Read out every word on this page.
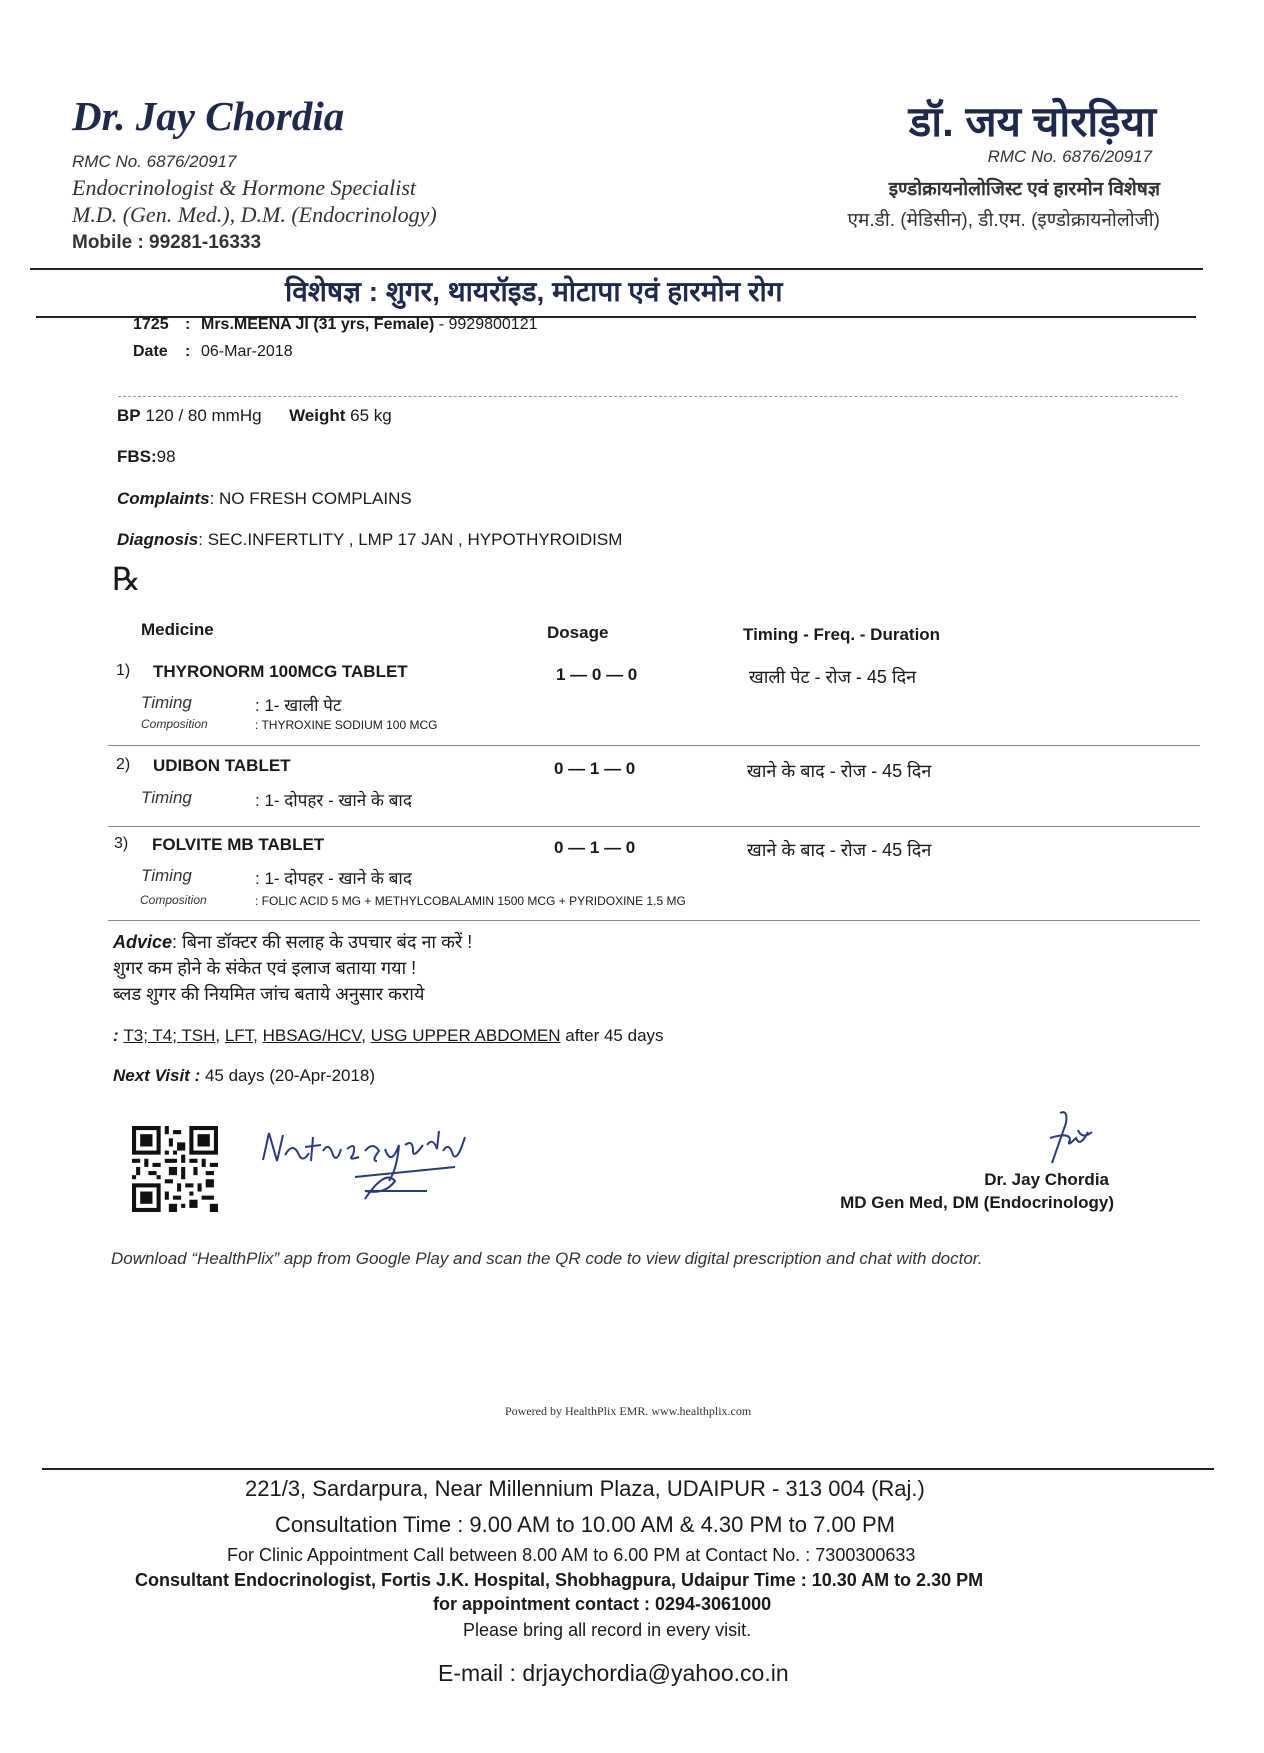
Dr. Jay Chordia
RMC No. 6876/20917
Endocrinologist & Hormone Specialist
M.D. (Gen. Med.), D.M. (Endocrinology)
Mobile : 99281-16333
डॉ. जय चोरड़िया
RMC No. 6876/20917
इण्डोक्रायनोलोजिस्ट एवं हारमोन विशेषज्ञ
एम.डी. (मेडिसीन), डी.एम. (इण्डोक्रायनोलोजी)
विशेषज्ञ : शुगर, थायरॉइड, मोटापा एवं हारमोन रोग
1725 : Mrs.MEENA JI (31 yrs, Female) - 9929800121
Date : 06-Mar-2018
BP 120 / 80 mmHg Weight 65 kg
FBS:98
Complaints: NO FRESH COMPLAINS
Diagnosis: SEC.INFERTLITY , LMP 17 JAN , HYPOTHYROIDISM
℞
Medicine	Dosage	Timing - Freq. - Duration
1) THYRONORM 100MCG TABLET	1 — 0 — 0	खाली पेट - रोज - 45 दिन
Timing	: 1- खाली पेट
Composition	: THYROXINE SODIUM 100 MCG
2) UDIBON TABLET	0 — 1 — 0	खाने के बाद - रोज - 45 दिन
Timing	: 1- दोपहर - खाने के बाद
3) FOLVITE MB TABLET	0 — 1 — 0	खाने के बाद - रोज - 45 दिन
Timing	: 1- दोपहर - खाने के बाद
Composition	: FOLIC ACID 5 MG + METHYLCOBALAMIN 1500 MCG + PYRIDOXINE 1.5 MG
Advice: बिना डॉक्टर की सलाह के उपचार बंद ना करें !
शुगर कम होने के संकेत एवं इलाज बताया गया !
ब्लड शुगर की नियमित जांच बताये अनुसार कराये
: T3; T4; TSH, LFT, HBSAG/HCV, USG UPPER ABDOMEN after 45 days
Next Visit : 45 days (20-Apr-2018)
Dr. Jay Chordia
MD Gen Med, DM (Endocrinology)
Download “HealthPlix” app from Google Play and scan the QR code to view digital prescription and chat with doctor.
Powered by HealthPlix EMR. www.healthplix.com
221/3, Sardarpura, Near Millennium Plaza, UDAIPUR - 313 004 (Raj.)
Consultation Time : 9.00 AM to 10.00 AM & 4.30 PM to 7.00 PM
For Clinic Appointment Call between 8.00 AM to 6.00 PM at Contact No. : 7300300633
Consultant Endocrinologist, Fortis J.K. Hospital, Shobhagpura, Udaipur Time : 10.30 AM to 2.30 PM
for appointment contact : 0294-3061000
Please bring all record in every visit.
E-mail : drjaychordia@yahoo.co.in
